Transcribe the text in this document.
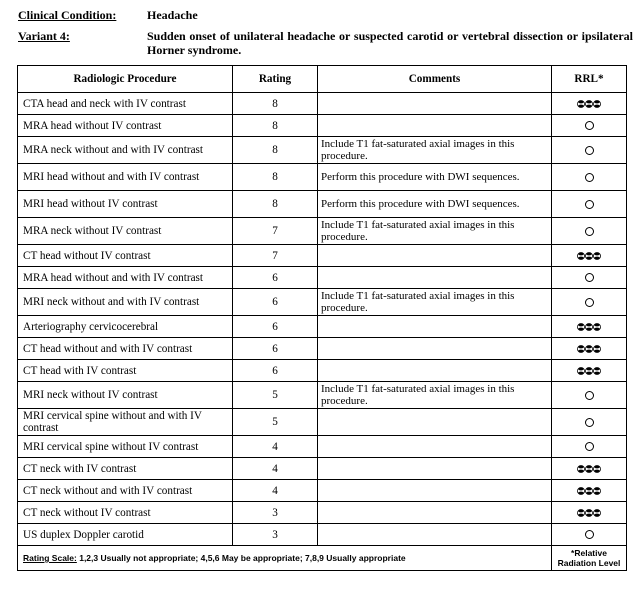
Clinical Condition:	Headache
Variant 4:	Sudden onset of unilateral headache or suspected carotid or vertebral dissection or ipsilateral Horner syndrome.
Radiologic Procedure	Rating	Comments	RRL*
CTA head and neck with IV contrast	8		
MRA head without IV contrast	8		
MRA neck without and with IV contrast	8	Include T1 fat-saturated axial images in this procedure.	
MRI head without and with IV contrast	8	Perform this procedure with DWI sequences.	
MRI head without IV contrast	8	Perform this procedure with DWI sequences.	
MRA neck without IV contrast	7	Include T1 fat-saturated axial images in this procedure.	
CT head without IV contrast	7		
MRA head without and with IV contrast	6		
MRI neck without and with IV contrast	6	Include T1 fat-saturated axial images in this procedure.	
Arteriography cervicocerebral	6		
CT head without and with IV contrast	6		
CT head with IV contrast	6		
MRI neck without IV contrast	5	Include T1 fat-saturated axial images in this procedure.	
MRI cervical spine without and with IV contrast	5		
MRI cervical spine without IV contrast	4		
CT neck with IV contrast	4		
CT neck without and with IV contrast	4		
CT neck without IV contrast	3		
US duplex Doppler carotid	3		
Rating Scale: 1,2,3 Usually not appropriate; 4,5,6 May be appropriate; 7,8,9 Usually appropriate			*Relative
Radiation Level
